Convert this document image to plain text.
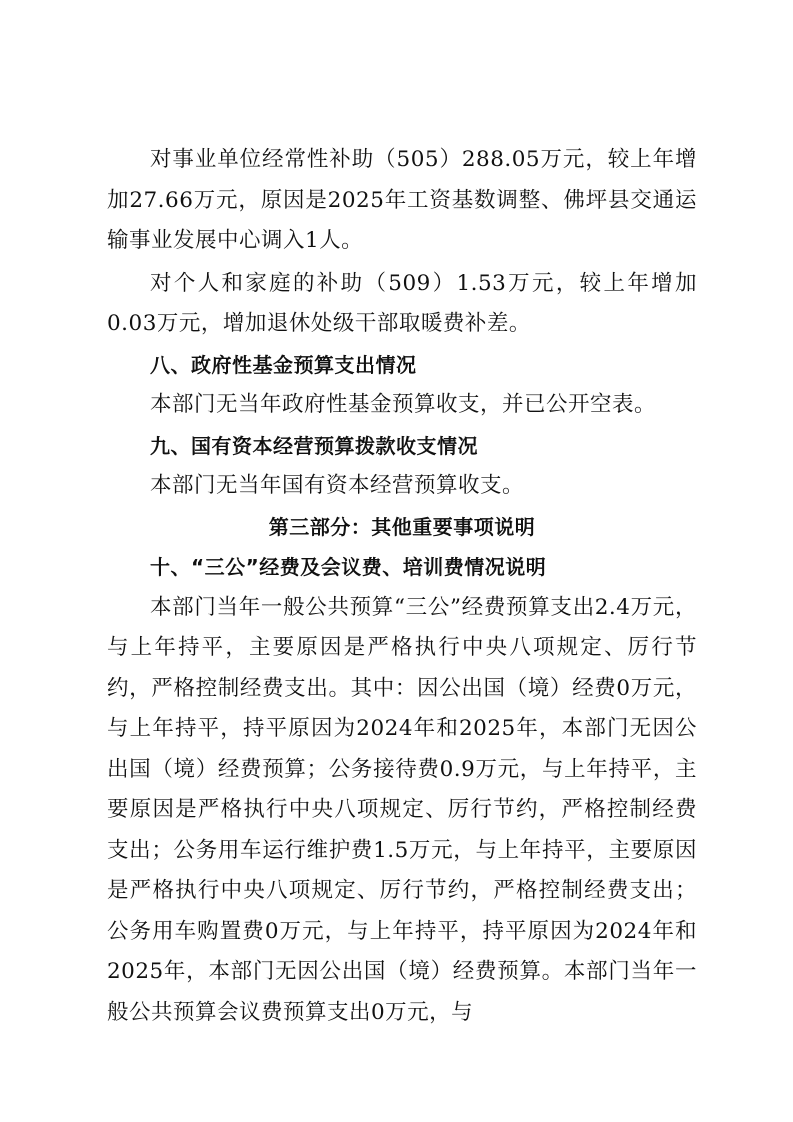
对事业单位经常性补助（505）288.05万元，较上年增加27.66万元，原因是2025年工资基数调整、佛坪县交通运输事业发展中心调入1人。

对个人和家庭的补助（509）1.53万元，较上年增加0.03万元，增加退休处级干部取暖费补差。

八、政府性基金预算支出情况

本部门无当年政府性基金预算收支，并已公开空表。

九、国有资本经营预算拨款收支情况

本部门无当年国有资本经营预算收支。

第三部分：其他重要事项说明

十、“三公”经费及会议费、培训费情况说明

本部门当年一般公共预算“三公”经费预算支出2.4万元，与上年持平，主要原因是严格执行中央八项规定、厉行节约，严格控制经费支出。其中：因公出国（境）经费0万元，与上年持平，持平原因为2024年和2025年，本部门无因公出国（境）经费预算；公务接待费0.9万元，与上年持平，主要原因是严格执行中央八项规定、厉行节约，严格控制经费支出；公务用车运行维护费1.5万元，与上年持平，主要原因是严格执行中央八项规定、厉行节约，严格控制经费支出；公务用车购置费0万元，与上年持平，持平原因为2024年和2025年，本部门无因公出国（境）经费预算。本部门当年一般公共预算会议费预算支出0万元，与
